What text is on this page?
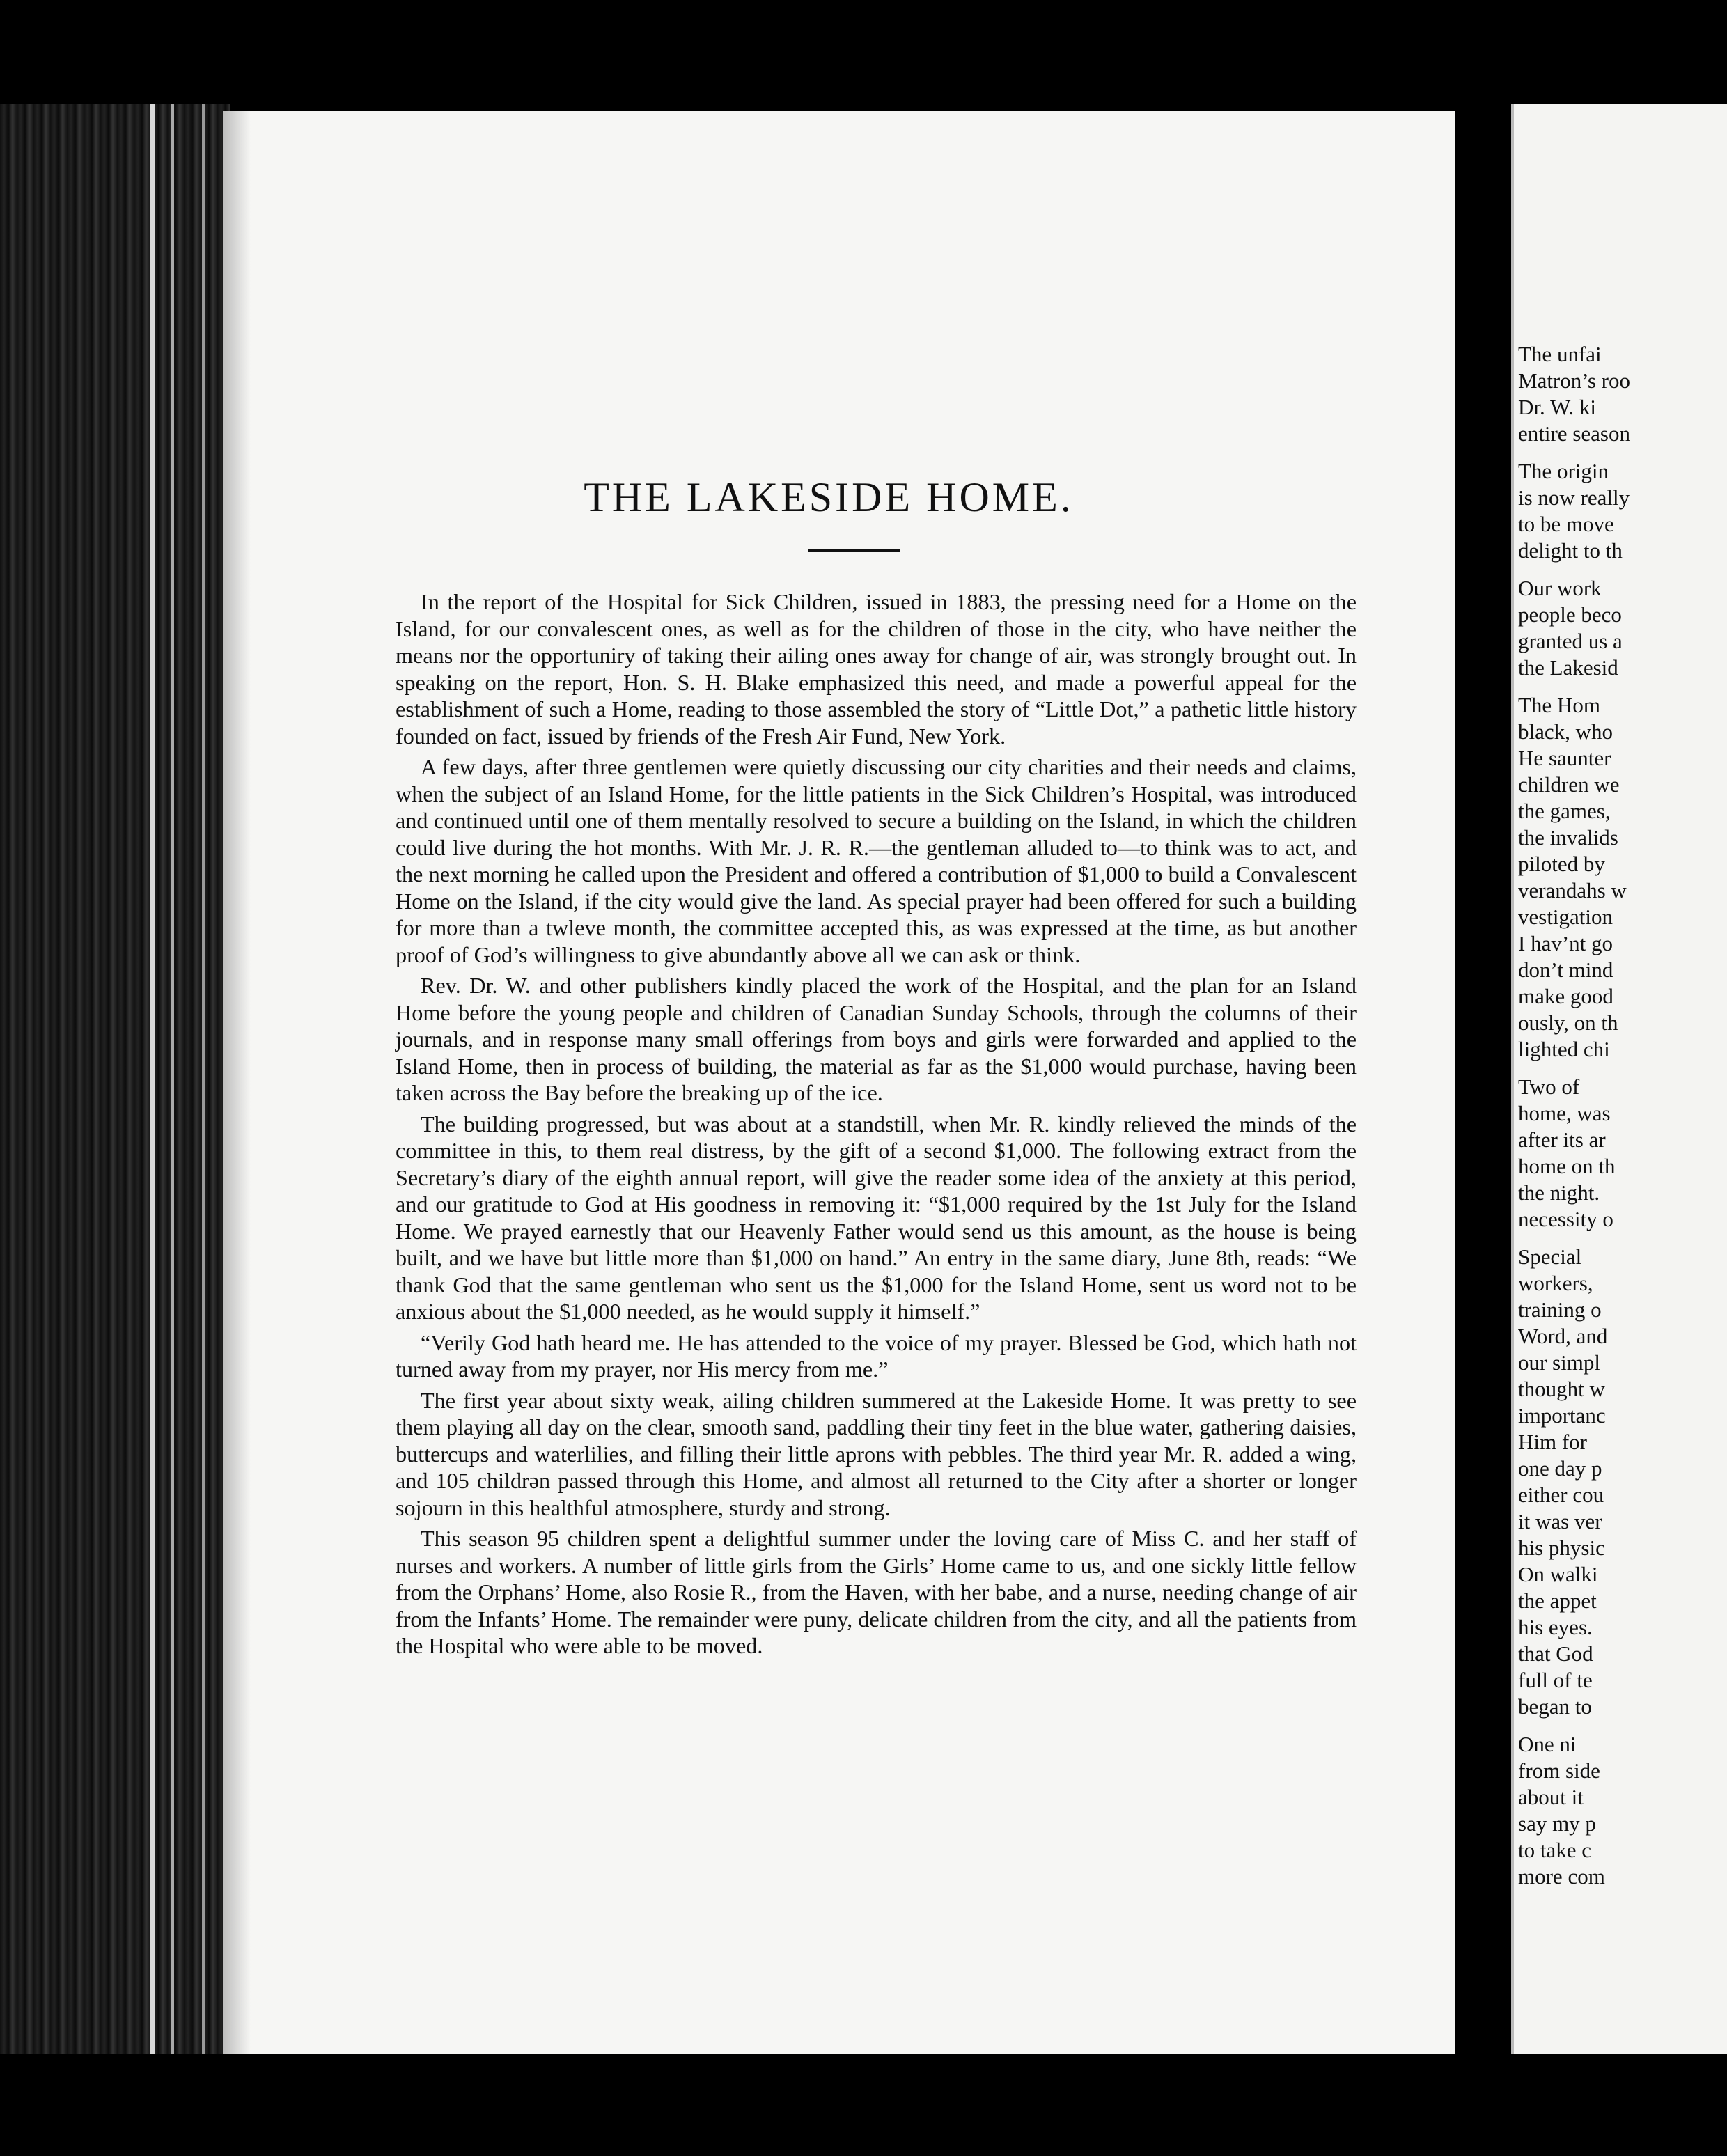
THE LAKESIDE HOME.

In the report of the Hospital for Sick Children, issued in 1883, the pressing need for a Home on the Island, for our convalescent ones, as well as for the children of those in the city, who have neither the means nor the opportuniry of taking their ailing ones away for change of air, was strongly brought out. In speaking on the report, Hon. S. H. Blake emphasized this need, and made a powerful appeal for the establishment of such a Home, reading to those assembled the story of “Little Dot,” a pathetic little history founded on fact, issued by friends of the Fresh Air Fund, New York.

A few days, after three gentlemen were quietly discussing our city charities and their needs and claims, when the subject of an Island Home, for the little patients in the Sick Children’s Hospital, was introduced and continued until one of them mentally resolved to secure a building on the Island, in which the children could live during the hot months. With Mr. J. R. R.—the gentleman alluded to—to think was to act, and the next morning he called upon the President and offered a contribution of $1,000 to build a Convalescent Home on the Island, if the city would give the land. As special prayer had been offered for such a building for more than a twleve month, the committee accepted this, as was expressed at the time, as but another proof of God’s willingness to give abundantly above all we can ask or think.

Rev. Dr. W. and other publishers kindly placed the work of the Hospital, and the plan for an Island Home before the young people and children of Canadian Sunday Schools, through the columns of their journals, and in response many small offerings from boys and girls were forwarded and applied to the Island Home, then in process of building, the material as far as the $1,000 would purchase, having been taken across the Bay before the breaking up of the ice.

The building progressed, but was about at a standstill, when Mr. R. kindly relieved the minds of the committee in this, to them real distress, by the gift of a second $1,000. The following extract from the Secretary’s diary of the eighth annual report, will give the reader some idea of the anxiety at this period, and our gratitude to God at His goodness in removing it: “$1,000 required by the 1st July for the Island Home. We prayed earnestly that our Heavenly Father would send us this amount, as the house is being built, and we have but little more than $1,000 on hand.” An entry in the same diary, June 8th, reads: “We thank God that the same gentleman who sent us the $1,000 for the Island Home, sent us word not to be anxious about the $1,000 needed, as he would supply it himself.”

“Verily God hath heard me. He has attended to the voice of my prayer. Blessed be God, which hath not turned away from my prayer, nor His mercy from me.”

The first year about sixty weak, ailing children summered at the Lakeside Home. It was pretty to see them playing all day on the clear, smooth sand, paddling their tiny feet in the blue water, gathering daisies, buttercups and waterlilies, and filling their little aprons with pebbles. The third year Mr. R. added a wing, and 105 childrən passed through this Home, and almost all returned to the City after a shorter or longer sojourn in this healthful atmosphere, sturdy and strong.

This season 95 children spent a delightful summer under the loving care of Miss C. and her staff of nurses and workers. A number of little girls from the Girls’ Home came to us, and one sickly little fellow from the Orphans’ Home, also Rosie R., from the Haven, with her babe, and a nurse, needing change of air from the Infants’ Home. The remainder were puny, delicate children from the city, and all the patients from the Hospital who were able to be moved.

The unfai
Matron’s roo
Dr. W. ki
entire season
The origin
is now really
to be move
delight to th
Our work
people beco
granted us a
the Lakesid
The Hom
black, who
He saunter
children we
the games,
the invalids
piloted by
verandahs w
vestigation
I hav’nt go
don’t mind
make good
ously, on th
lighted chi
Two of
home, was
after its ar
home on th
the night.
necessity o
Special
workers,
training o
Word, and
our simpl
thought w
importanc
Him for
one day p
either cou
it was ver
his physic
On walki
the appet
his eyes.
that God
full of te
began to
One ni
from side
about it
say my p
to take c
more com
